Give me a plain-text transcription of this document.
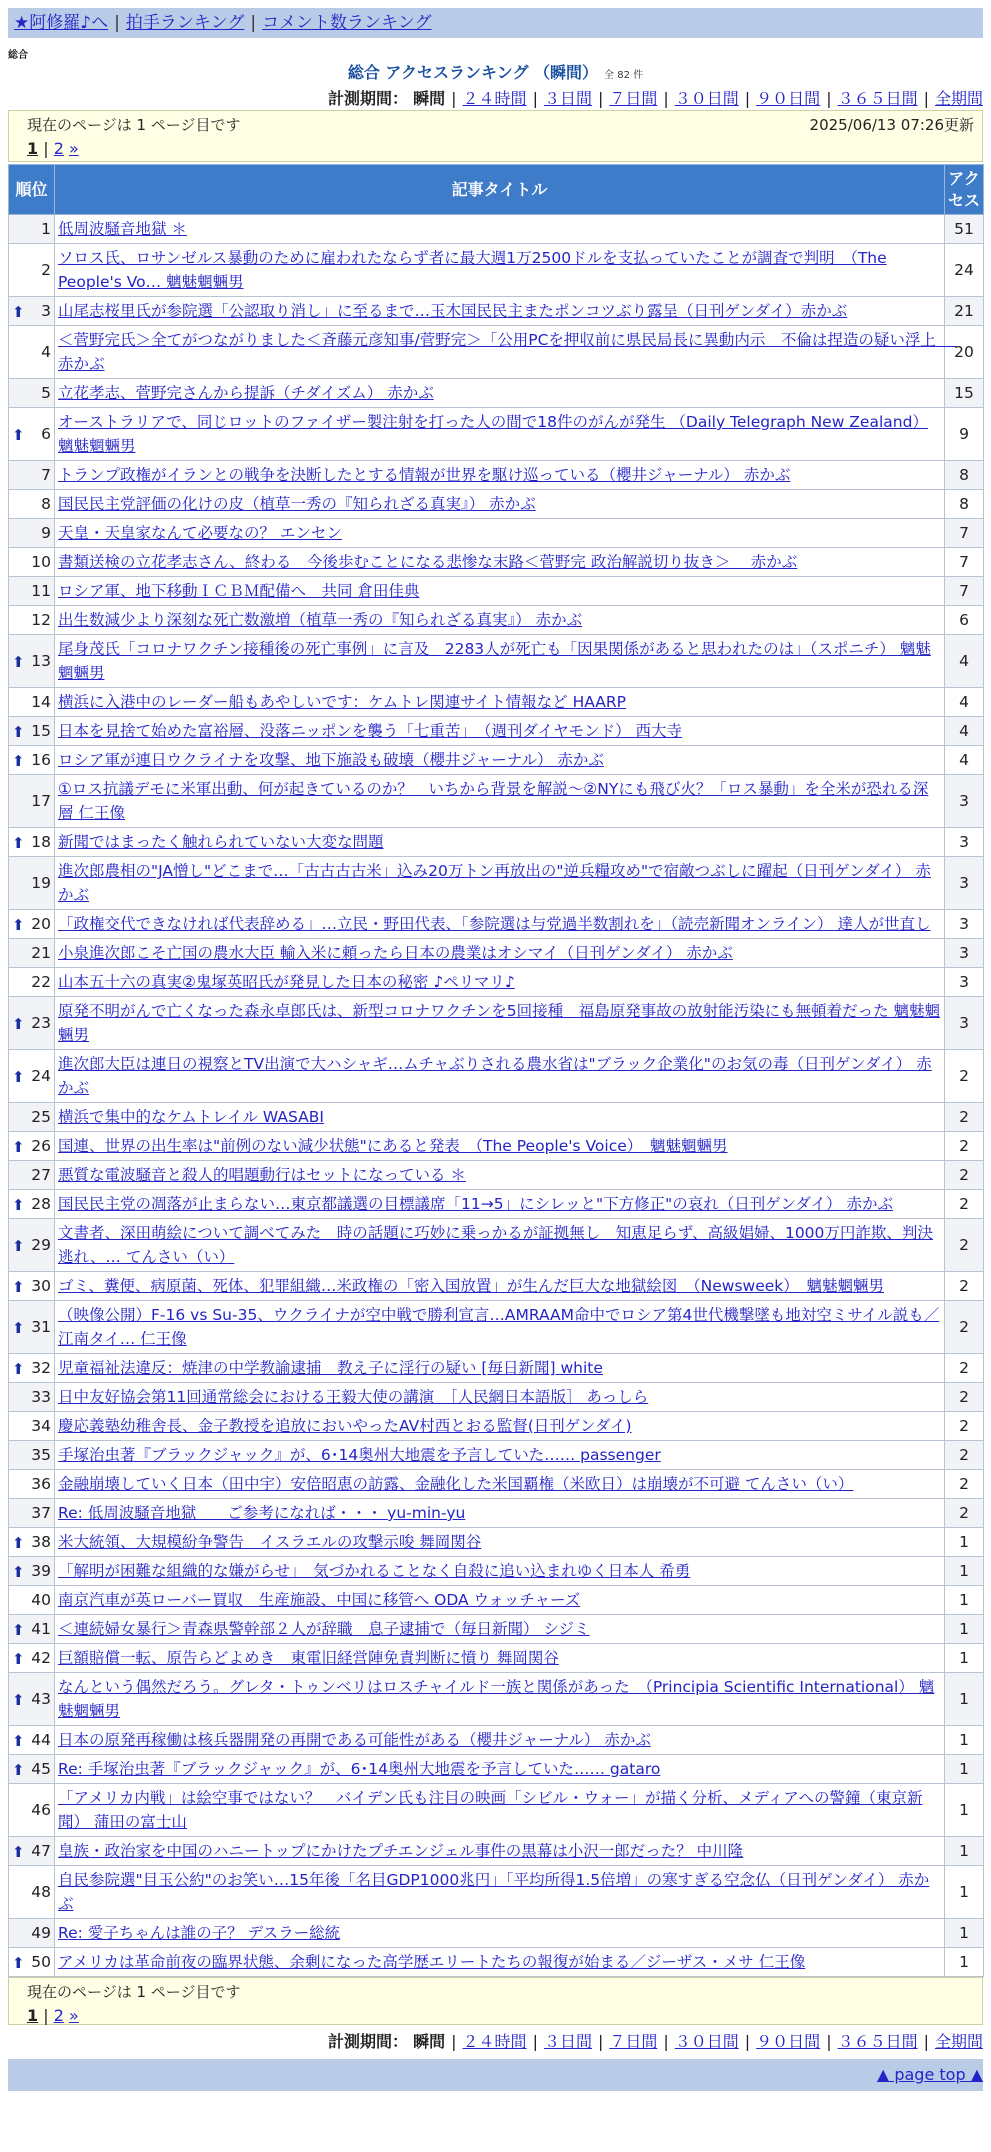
★阿修羅♪へ | 拍手ランキング | コメント数ランキング
総合
総合 アクセスランキング （瞬間） 全 82 件
計測期間： 瞬間 | ２４時間 | ３日間 | ７日間 | ３０日間 | ９０日間 | ３６５日間 | 全期間
現在のページは 1 ページ目です	2025/06/13 07:26更新
1 | 2 »
順位	記事タイトル	アクセス
1	低周波騒音地獄 ＊	51
2	ソロス氏、ロサンゼルス暴動のために雇われたならず者に最大週1万2500ドルを支払っていたことが調査で判明　（The People's Vo… 魑魅魍魎男	24

⬆ 3	山尾志桜里氏が参院選「公認取り消し」に至るまで…玉木国民民主またポンコツぶり露呈（日刊ゲンダイ）赤かぶ	21
4	＜菅野完氏＞全てがつながりました＜斉藤元彦知事/菅野完＞「公用PCを押収前に県民局長に異動内示　不倫は捏造の疑い浮上　 赤かぶ	20
5	立花孝志、菅野完さんから提訴（チダイズム） 赤かぶ	15

⬆ 6	オーストラリアで、同じロットのファイザー製注射を打った人の間で18件のがんが発生 （Daily Telegraph New Zealand） 魑魅魍魎男	9
7	トランプ政権がイランとの戦争を決断したとする情報が世界を駆け巡っている（櫻井ジャーナル） 赤かぶ	8
8	国民民主党評価の化けの皮（植草一秀の『知られざる真実』） 赤かぶ	8
9	天皇・天皇家なんて必要なの？ エンセン	7
10	書類送検の立花孝志さん、終わる　今後歩むことになる悲惨な末路＜菅野完 政治解説切り抜き＞　 赤かぶ	7
11	ロシア軍、地下移動ＩＣＢＭ配備へ　共同 倉田佳典	7
12	出生数減少より深刻な死亡数激増（植草一秀の『知られざる真実』） 赤かぶ	6

⬆ 13	尾身茂氏「コロナワクチン接種後の死亡事例」に言及　2283人が死亡も「因果関係があると思われたのは」（スポニチ） 魑魅魍魎男	4
14	横浜に入港中のレーダー船もあやしいです：ケムトレ関連サイト情報など HAARP	4

⬆ 15	日本を見捨て始めた富裕層、没落ニッポンを襲う「七重苦」　（週刊ダイヤモンド） 西大寺	4

⬆ 16	ロシア軍が連日ウクライナを攻撃、地下施設も破壊（櫻井ジャーナル） 赤かぶ	4
17	①ロス抗議デモに米軍出動、何が起きているのか？　いちから背景を解説～②NYにも飛び火？「ロス暴動」を全米が恐れる深層 仁王像	3

⬆ 18	新聞ではまったく触れられていない大変な問題	3
19	進次郎農相の"JA憎し"どこまで…「古古古古米」込み20万トン再放出の"逆兵糧攻め"で宿敵つぶしに躍起（日刊ゲンダイ） 赤かぶ	3

⬆ 20	「政権交代できなければ代表辞める」…立民・野田代表、「参院選は与党過半数割れを」（読売新聞オンライン） 達人が世直し	3
21	小泉進次郎こそ亡国の農水大臣 輸入米に頼ったら日本の農業はオシマイ（日刊ゲンダイ） 赤かぶ	3
22	山本五十六の真実②鬼塚英昭氏が発見した日本の秘密 ♪ペリマリ♪	3

⬆ 23	原発不明がんで亡くなった森永卓郎氏は、新型コロナワクチンを5回接種　福島原発事故の放射能汚染にも無頓着だった 魑魅魍魎男	3

⬆ 24	進次郎大臣は連日の視察とTV出演で大ハシャギ…ムチャぶりされる農水省は"ブラック企業化"のお気の毒（日刊ゲンダイ） 赤かぶ	2
25	横浜で集中的なケムトレイル WASABI	2

⬆ 26	国連、世界の出生率は"前例のない減少状態"にあると発表　（The People's Voice）　魑魅魍魎男	2
27	悪質な電波騒音と殺人的唱題動行はセットになっている ＊	2

⬆ 28	国民民主党の凋落が止まらない…東京都議選の目標議席「11→5」にシレッと"下方修正"の哀れ（日刊ゲンダイ） 赤かぶ	2

⬆ 29	文書者、深田萌絵について調べてみた　時の話題に巧妙に乗っかるが証拠無し　知恵足らず、高級娼婦、1000万円詐欺、判決逃れ、… てんさい（い）	2

⬆ 30	ゴミ、糞便、病原菌、死体、犯罪組織…米政権の「密入国放置」が生んだ巨大な地獄絵図　（Newsweek）　魑魅魍魎男	2

⬆ 31	（映像公開）F-16 vs Su-35、ウクライナが空中戦で勝利宣言…AMRAAM命中でロシア第4世代機撃墜も地対空ミサイル説も／江南タイ… 仁王像	2

⬆ 32	児童福祉法違反：焼津の中学教諭逮捕　教え子に淫行の疑い [毎日新聞] white	2
33	日中友好協会第11回通常総会における王毅大使の講演　［人民網日本語版］ あっしら	2
34	慶応義塾幼稚舎長、金子教授を追放においやったAV村西とおる監督(日刊ゲンダイ)	2
35	手塚治虫著『ブラックジャック』が、6･14奥州大地震を予言していた…… passenger	2
36	金融崩壊していく日本（田中宇）安倍昭恵の訪露、金融化した米国覇権（米欧日）は崩壊が不可避 てんさい（い）	2
37	Re: 低周波騒音地獄　　ご参考になれば・・・ yu-min-yu	2

⬆ 38	米大統領、大規模紛争警告　イスラエルの攻撃示唆 舞岡関谷	1

⬆ 39	「解明が困難な組織的な嫌がらせ」　気づかれることなく自殺に追い込まれゆく日本人 希勇	1
40	南京汽車が英ローバー買収　生産施設、中国に移管へ ODA ウォッチャーズ	1

⬆ 41	＜連続婦女暴行＞青森県警幹部２人が辞職　息子逮捕で（毎日新聞） シジミ	1

⬆ 42	巨額賠償一転、原告らどよめき　東電旧経営陣免責判断に憤り 舞岡関谷	1

⬆ 43	なんという偶然だろう。グレタ・トゥンベリはロスチャイルド一族と関係があった　（Principia Scientific International） 魑魅魍魎男	1

⬆ 44	日本の原発再稼働は核兵器開発の再開である可能性がある（櫻井ジャーナル） 赤かぶ	1

⬆ 45	Re: 手塚治虫著『ブラックジャック』が、6･14奥州大地震を予言していた…… gataro	1
46	「アメリカ内戦」は絵空事ではない？　バイデン氏も注目の映画「シビル・ウォー」が描く分析、メディアへの警鐘（東京新聞） 蒲田の富士山	1

⬆ 47	皇族・政治家を中国のハニートップにかけたプチエンジェル事件の黒幕は小沢一郎だった？ 中川隆	1
48	自民参院選"目玉公約"のお笑い…15年後「名目GDP1000兆円」「平均所得1.5倍増」の寒すぎる空念仏（日刊ゲンダイ） 赤かぶ	1
49	Re: 愛子ちゃんは誰の子？ デスラー総統	1

⬆ 50	アメリカは革命前夜の臨界状態、余剰になった高学歴エリートたちの報復が始まる／ジーザス・メサ 仁王像	1
現在のページは 1 ページ目です
1 | 2 »
計測期間： 瞬間 | ２４時間 | ３日間 | ７日間 | ３０日間 | ９０日間 | ３６５日間 | 全期間
▲ page top ▲
